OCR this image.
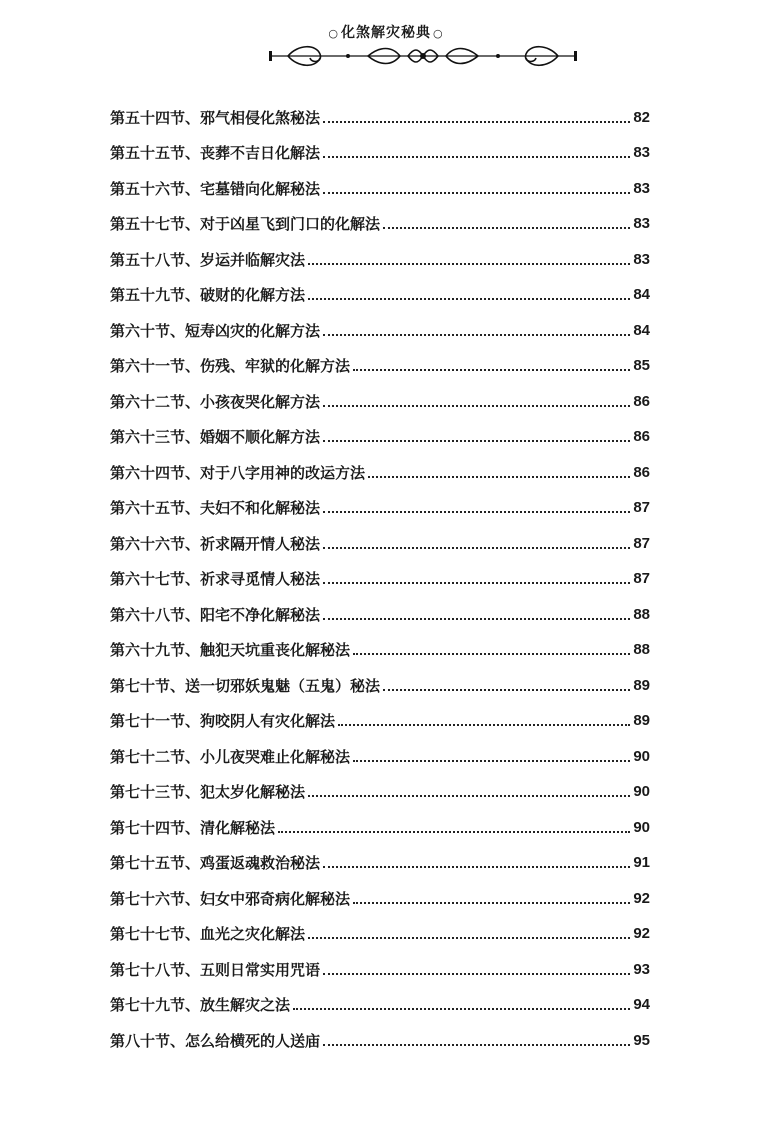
○ 化煞解灾秘典 ○
第五十四节、邪气相侵化煞秘法	82
第五十五节、丧葬不吉日化解法	83
第五十六节、宅墓错向化解秘法	83
第五十七节、对于凶星飞到门口的化解法	83
第五十八节、岁运并临解灾法	83
第五十九节、破财的化解方法	84
第六十节、短寿凶灾的化解方法	84
第六十一节、伤残、牢狱的化解方法	85
第六十二节、小孩夜哭化解方法	86
第六十三节、婚姻不顺化解方法	86
第六十四节、对于八字用神的改运方法	86
第六十五节、夫妇不和化解秘法	87
第六十六节、祈求隔开情人秘法	87
第六十七节、祈求寻觅情人秘法	87
第六十八节、阳宅不净化解秘法	88
第六十九节、触犯天坑重丧化解秘法	88
第七十节、送一切邪妖鬼魅（五鬼）秘法	89
第七十一节、狗咬阴人有灾化解法	89
第七十二节、小儿夜哭难止化解秘法	90
第七十三节、犯太岁化解秘法	90
第七十四节、清化解秘法	90
第七十五节、鸡蛋返魂救治秘法	91
第七十六节、妇女中邪奇病化解秘法	92
第七十七节、血光之灾化解法	92
第七十八节、五则日常实用咒语	93
第七十九节、放生解灾之法	94
第八十节、怎么给横死的人送庙	95
